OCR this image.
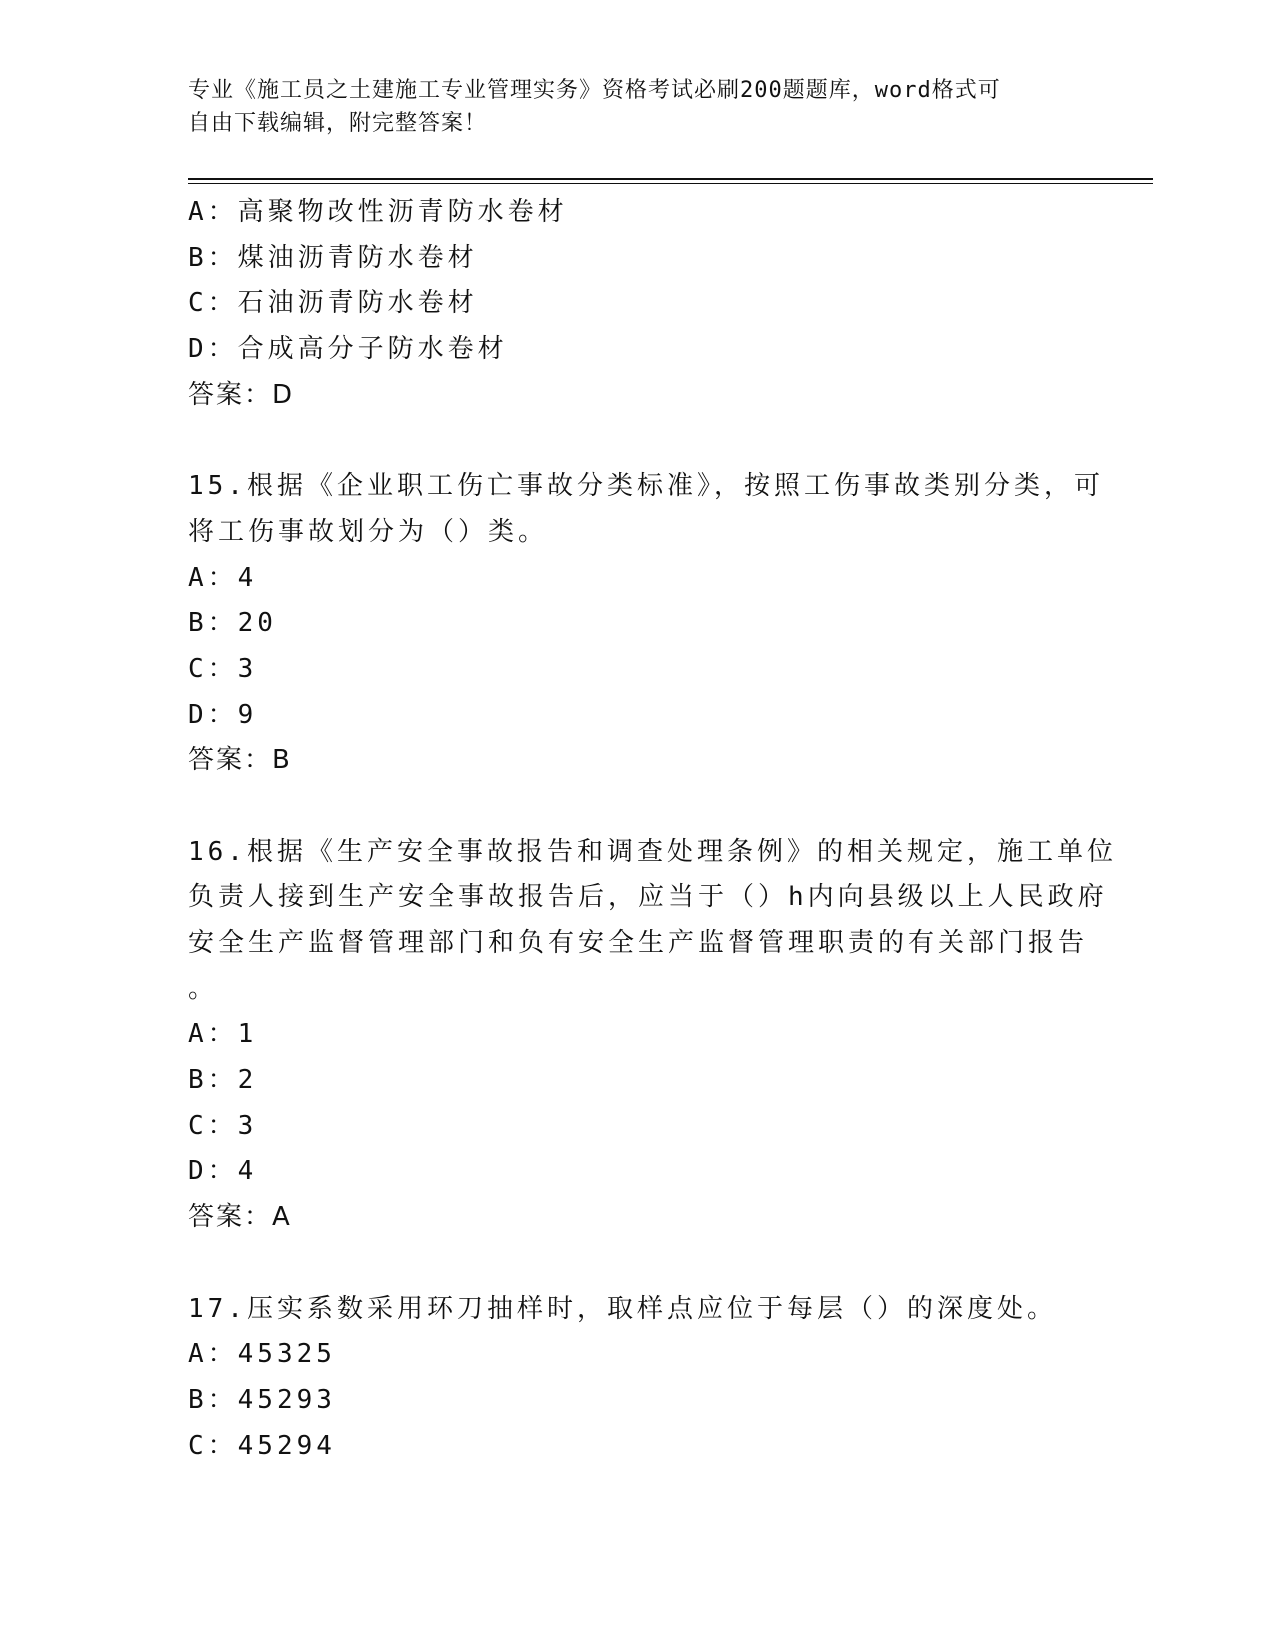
专业《施工员之土建施工专业管理实务》资格考试必刷200题题库，word格式可
自由下载编辑，附完整答案！
A：高聚物改性沥青防水卷材
B：煤油沥青防水卷材
C：石油沥青防水卷材
D：合成高分子防水卷材
答案：D
15.根据《企业职工伤亡事故分类标准》，按照工伤事故类别分类，可
将工伤事故划分为（）类。
A：4
B：20
C：3
D：9
答案：B
16.根据《生产安全事故报告和调查处理条例》的相关规定，施工单位
负责人接到生产安全事故报告后，应当于（）h内向县级以上人民政府
安全生产监督管理部门和负有安全生产监督管理职责的有关部门报告
。
A：1
B：2
C：3
D：4
答案：A
17.压实系数采用环刀抽样时，取样点应位于每层（）的深度处。
A：45325
B：45293
C：45294
